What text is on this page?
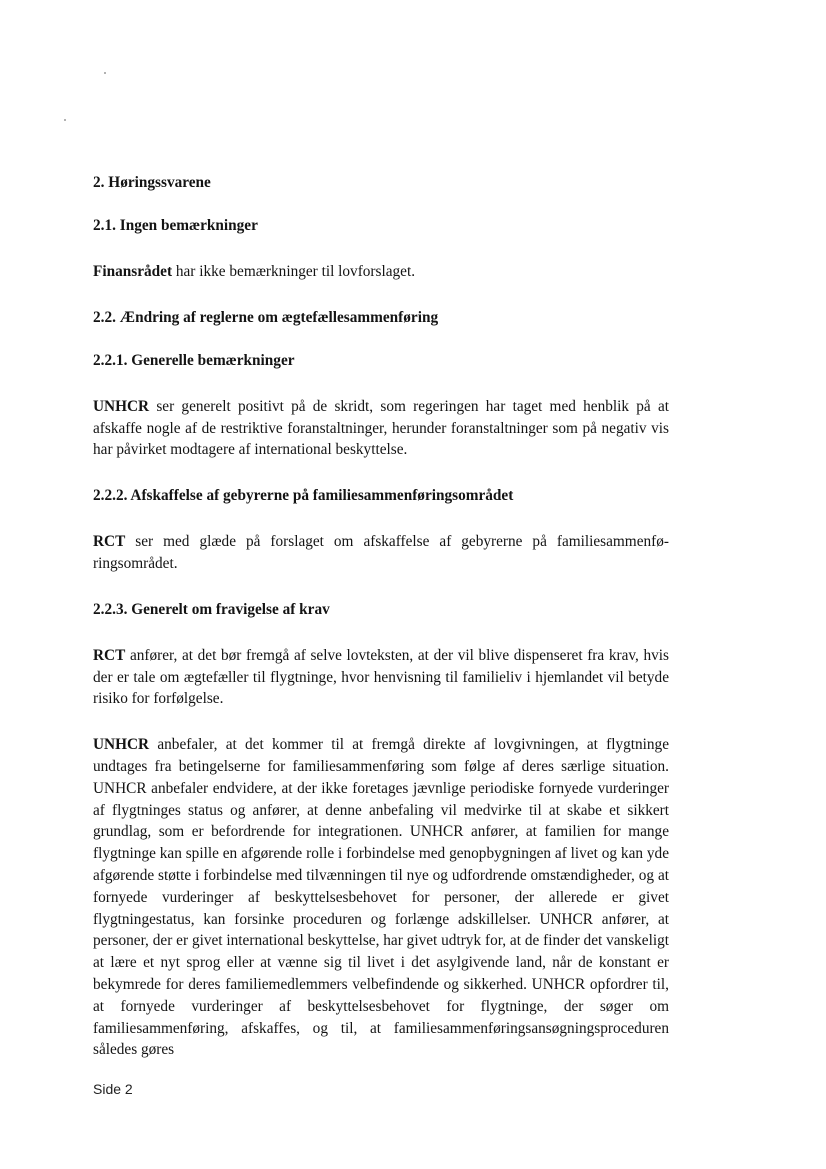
2. Høringssvarene
2.1. Ingen bemærkninger

Finansrådet har ikke bemærkninger til lovforslaget.

2.2. Ændring af reglerne om ægtefællesammenføring
2.2.1. Generelle bemærkninger

UNHCR ser generelt positivt på de skridt, som regeringen har taget med henblik på at afskaffe nogle af de restriktive foranstaltninger, herunder foranstaltninger som på negativ vis har påvirket modtagere af international beskyttelse.

2.2.2. Afskaffelse af gebyrerne på familiesammenføringsområdet

RCT ser med glæde på forslaget om afskaffelse af gebyrerne på familiesammenføringsområdet.

2.2.3. Generelt om fravigelse af krav

RCT anfører, at det bør fremgå af selve lovteksten, at der vil blive dispenseret fra krav, hvis der er tale om ægtefæller til flygtninge, hvor henvisning til familieliv i hjemlandet vil betyde risiko for forfølgelse.

UNHCR anbefaler, at det kommer til at fremgå direkte af lovgivningen, at flygtninge undtages fra betingelserne for familiesammenføring som følge af deres særlige situation. UNHCR anbefaler endvidere, at der ikke foretages jævnlige periodiske fornyede vurderinger af flygtninges status og anfører, at denne anbefaling vil medvirke til at skabe et sikkert grundlag, som er befordrende for integrationen. UNHCR anfører, at familien for mange flygtninge kan spille en afgørende rolle i forbindelse med genopbygningen af livet og kan yde afgørende støtte i forbindelse med tilvænningen til nye og udfordrende omstændigheder, og at fornyede vurderinger af beskyttelsesbehovet for personer, der allerede er givet flygtningestatus, kan forsinke proceduren og forlænge adskillelser. UNHCR anfører, at personer, der er givet international beskyttelse, har givet udtryk for, at de finder det vanskeligt at lære et nyt sprog eller at vænne sig til livet i det asylgivende land, når de konstant er bekymrede for deres familiemedlemmers velbefindende og sikkerhed. UNHCR opfordrer til, at fornyede vurderinger af beskyttelsesbehovet for flygtninge, der søger om familiesammenføring, afskaffes, og til, at familiesammenføringsansøgningsproceduren således gøres

Side 2
